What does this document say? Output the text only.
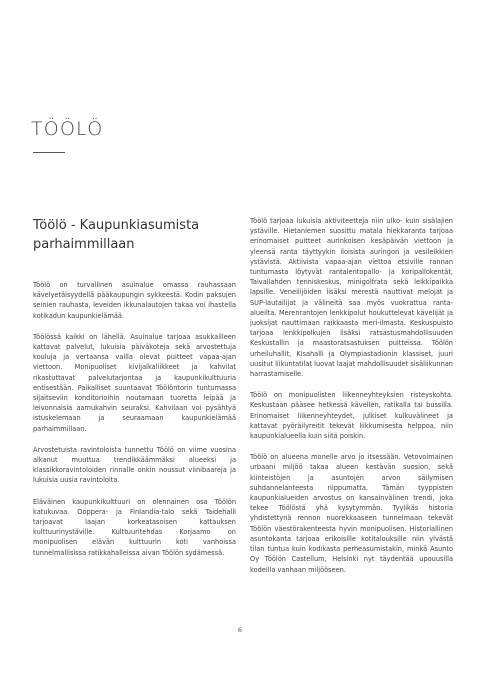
TÖÖLÖ
Töölö - Kaupunkiasumista parhaimmillaan

Töölö on turvallinen asuinalue omassa rauhassaan kävelyetäisyydellä pääkaupungin sykkeestä. Kodin paksujen seinien rauhasta, leveiden ikkunalautojen takaa voi ihastella kotikadun kaupunkielämää.

Töölössä kaikki on lähellä. Asuinalue tarjoaa asukkailleen kattavat palvelut, lukuisia päiväkoteja sekä arvostettuja kouluja ja vertaansa vailla olevat puitteet vapaa-ajan viettoon. Monipuoliset kivijalkaliikkeet ja kahvilat rikastuttavat palvelutarjontaa ja kaupunkikulttuuria entisestään. Paikalliset suuntaavat Töölöntorin tuntumassa sijaitseviin konditorioihin noutamaan tuoretta leipää ja leivonnaisia aamukahvin seuraksi. Kahvilaan voi pysähtyä istuskelemaan ja seuraamaan kaupunkielämää parhaimmillaan.

Arvostetuista ravintoloista tunnettu Töölö on viime vuosina alkanut muuttua trendikkäämmäksi alueeksi ja klassikkoravintoloiden rinnalle onkin noussut viinibaareja ja lukuisia uusia ravintoloita.

Eläväinen kaupunkikulttuuri on olennainen osa Töölön katukuvaa. Ooppera- ja Finlandia-talo sekä Taidehalli tarjoavat laajan korkeatasoisen kattauksen kulttuurinystäville. Kulttuuritehdas Korjaamo on monipuolisen elävän kulttuurin koti vanhoissa tunnelmallisissa ratikkahalleissa aivan Töölön sydämessä.

Töölö tarjoaa lukuisia aktiviteetteja niin ulko- kuin sisälajien ystäville. Hietaniemen suosittu matala hiekkaranta tarjoaa erinomaiset puitteet aurinkoisen kesäpäivän viettoon ja yleensä ranta täyttyykin iloisista auringon ja vesileikkien ystävistä. Aktiivista vapaa-ajan viettoa etsiville rannan tuntumasta löytyvät rantalentopallo- ja koripallokentät, Taivallahden tenniskeskus, minigolfrata sekä leikkipaikka lapsille. Veneilijöiden lisäksi merestä nauttivat melojat ja SUP-lautailijat ja välineitä saa myös vuokrattua ranta-alueilta. Merenrantojen lenkkipolut houkuttelevat kävelijät ja juoksijat nauttimaan raikkaasta meri-ilmasta. Keskuspuisto tarjoaa lenkkipolkujen lisäksi ratsastusmahdollisuuden Keskustallin ja maastoratsastuksen puitteissa. Töölön urheiluhallit, Kisahalli ja Olympiastadionin klassiset, juuri uusitut liikuntatilat luovat laajat mahdollisuudet sisäliikunnan harrastamiselle.

Töölö on monipuolisten liikenneyhteyksien risteyskohta. Keskustaan pääsee hetkessä kävellen, ratikalla tai bussilla. Erinomaiset liikenneyhteydet, julkiset kulkuvälineet ja kattavat pyöräilyreitit tekevät liikkumisesta helppoa, niin kaupunkialueella kuin siitä poiskin.

Töölö on alueena monelle arvo jo itsessään. Vetovoimainen urbaani miljöö takaa alueen kestävän suosion, sekä kiinteistöjen ja asuntojen arvon säilymisen suhdannelanteesta riippumatta. Tämän tyyppisten kaupunkialueiden arvostus on kansainvälinen trendi, joka tekee Töölöstä yhä kysytymmän. Tyylikäs historia yhdistettynä rennon nuorekkaaseen tunnelmaan tekevät Töölön väestörakenteesta hyvin monipuolisen. Historiallinen asuntokanta tarjoaa erikoisille kotitalouksille niin ylvästä tilan tuntua kuin kodikasta perheasumistakin, minkä Asunto Oy Töölön Castellum, Helsinki nyt täydentää upouusilla kodeilla vanhaan miljööseen.

6
